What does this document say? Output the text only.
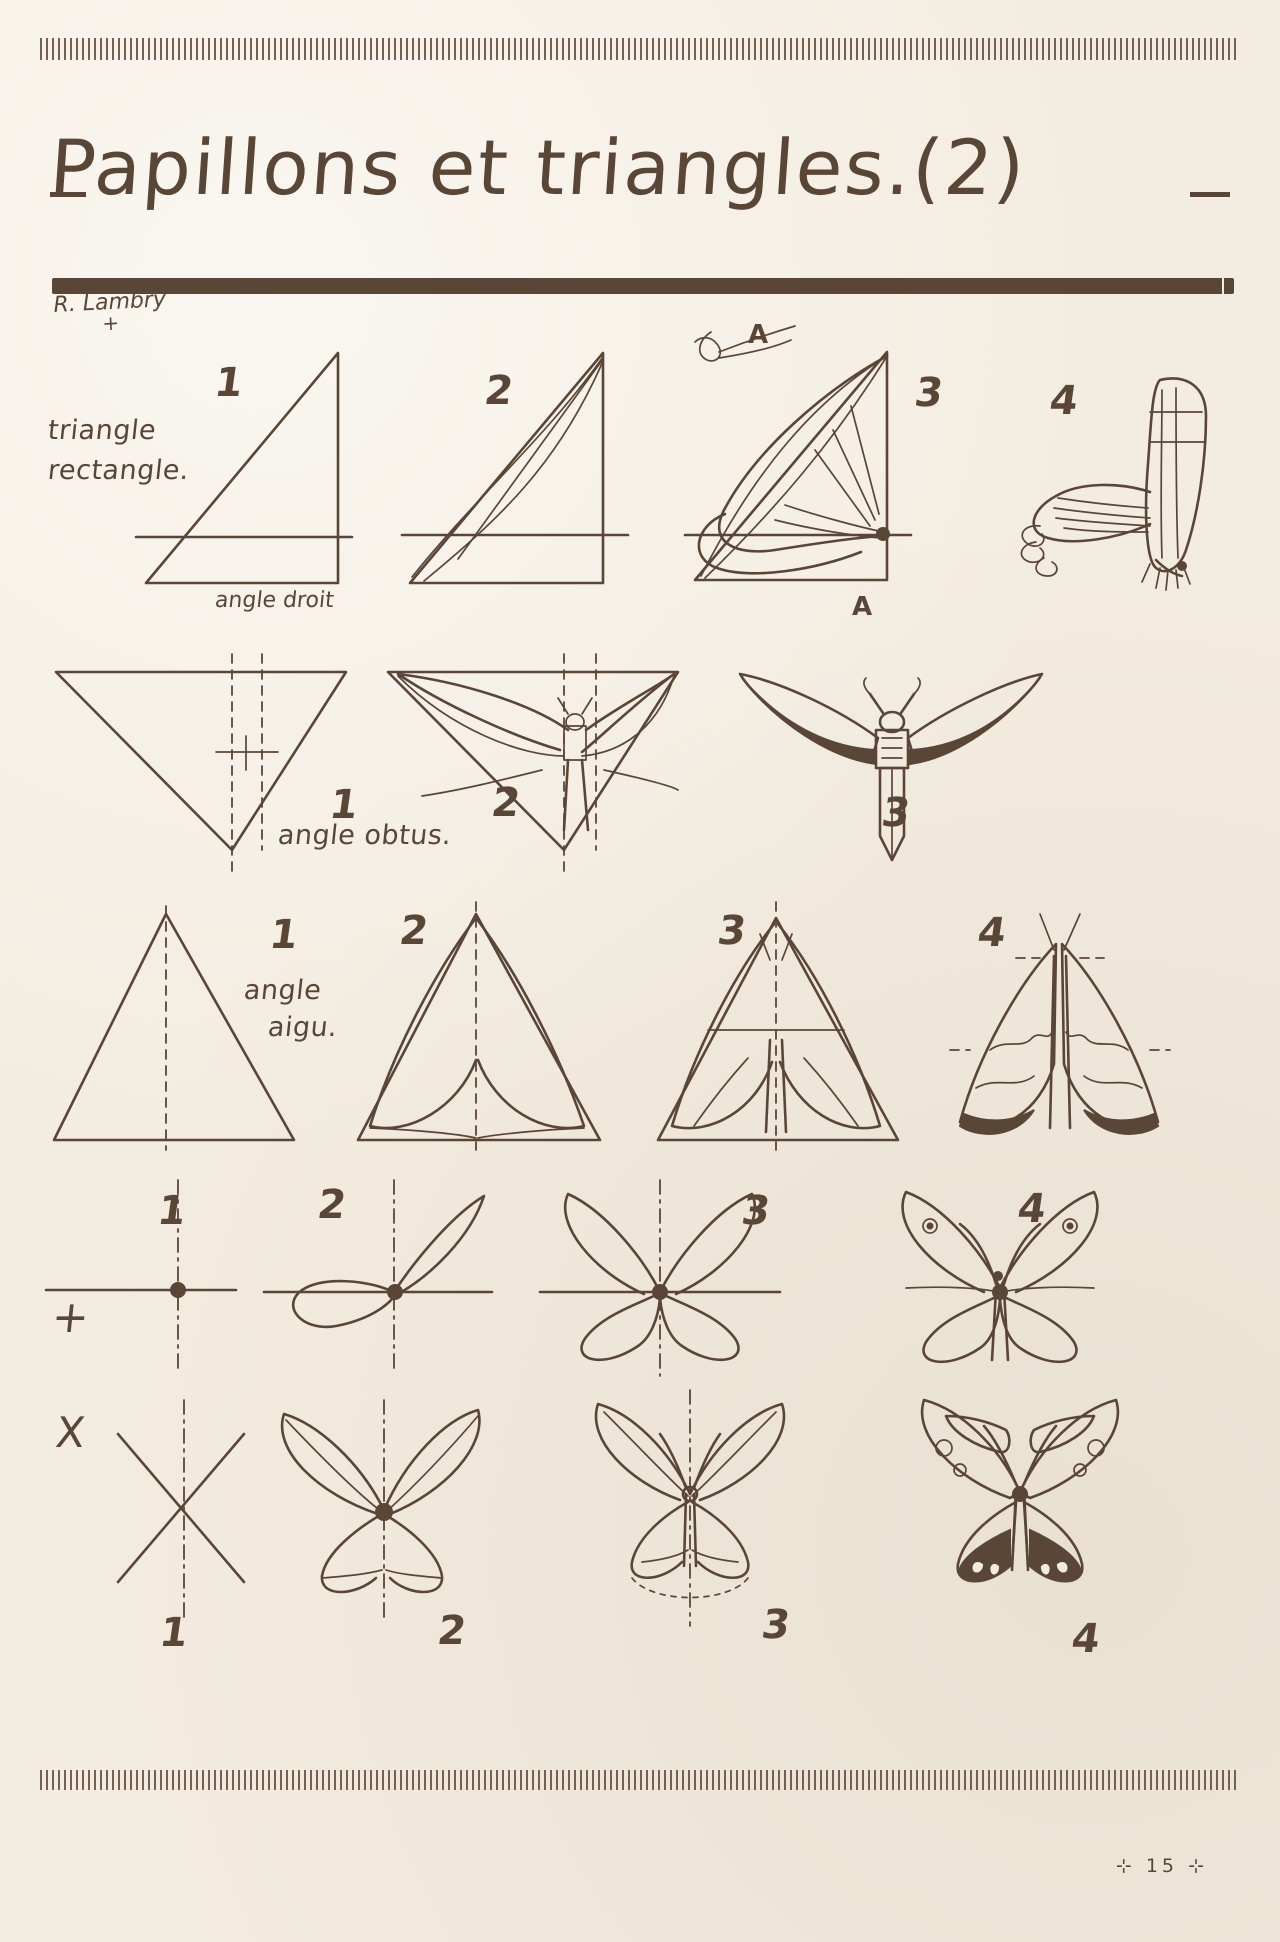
Papillons et triangles.(2)
R. Lambry
+
triangle
rectangle.
angle droit
1	2	3	4
A
A
angle obtus.
1	2	3
angle
aigu.
1 2	3	4
+
1	2	3	4
X
1	2	3	4
⊹ 15 ⊹
